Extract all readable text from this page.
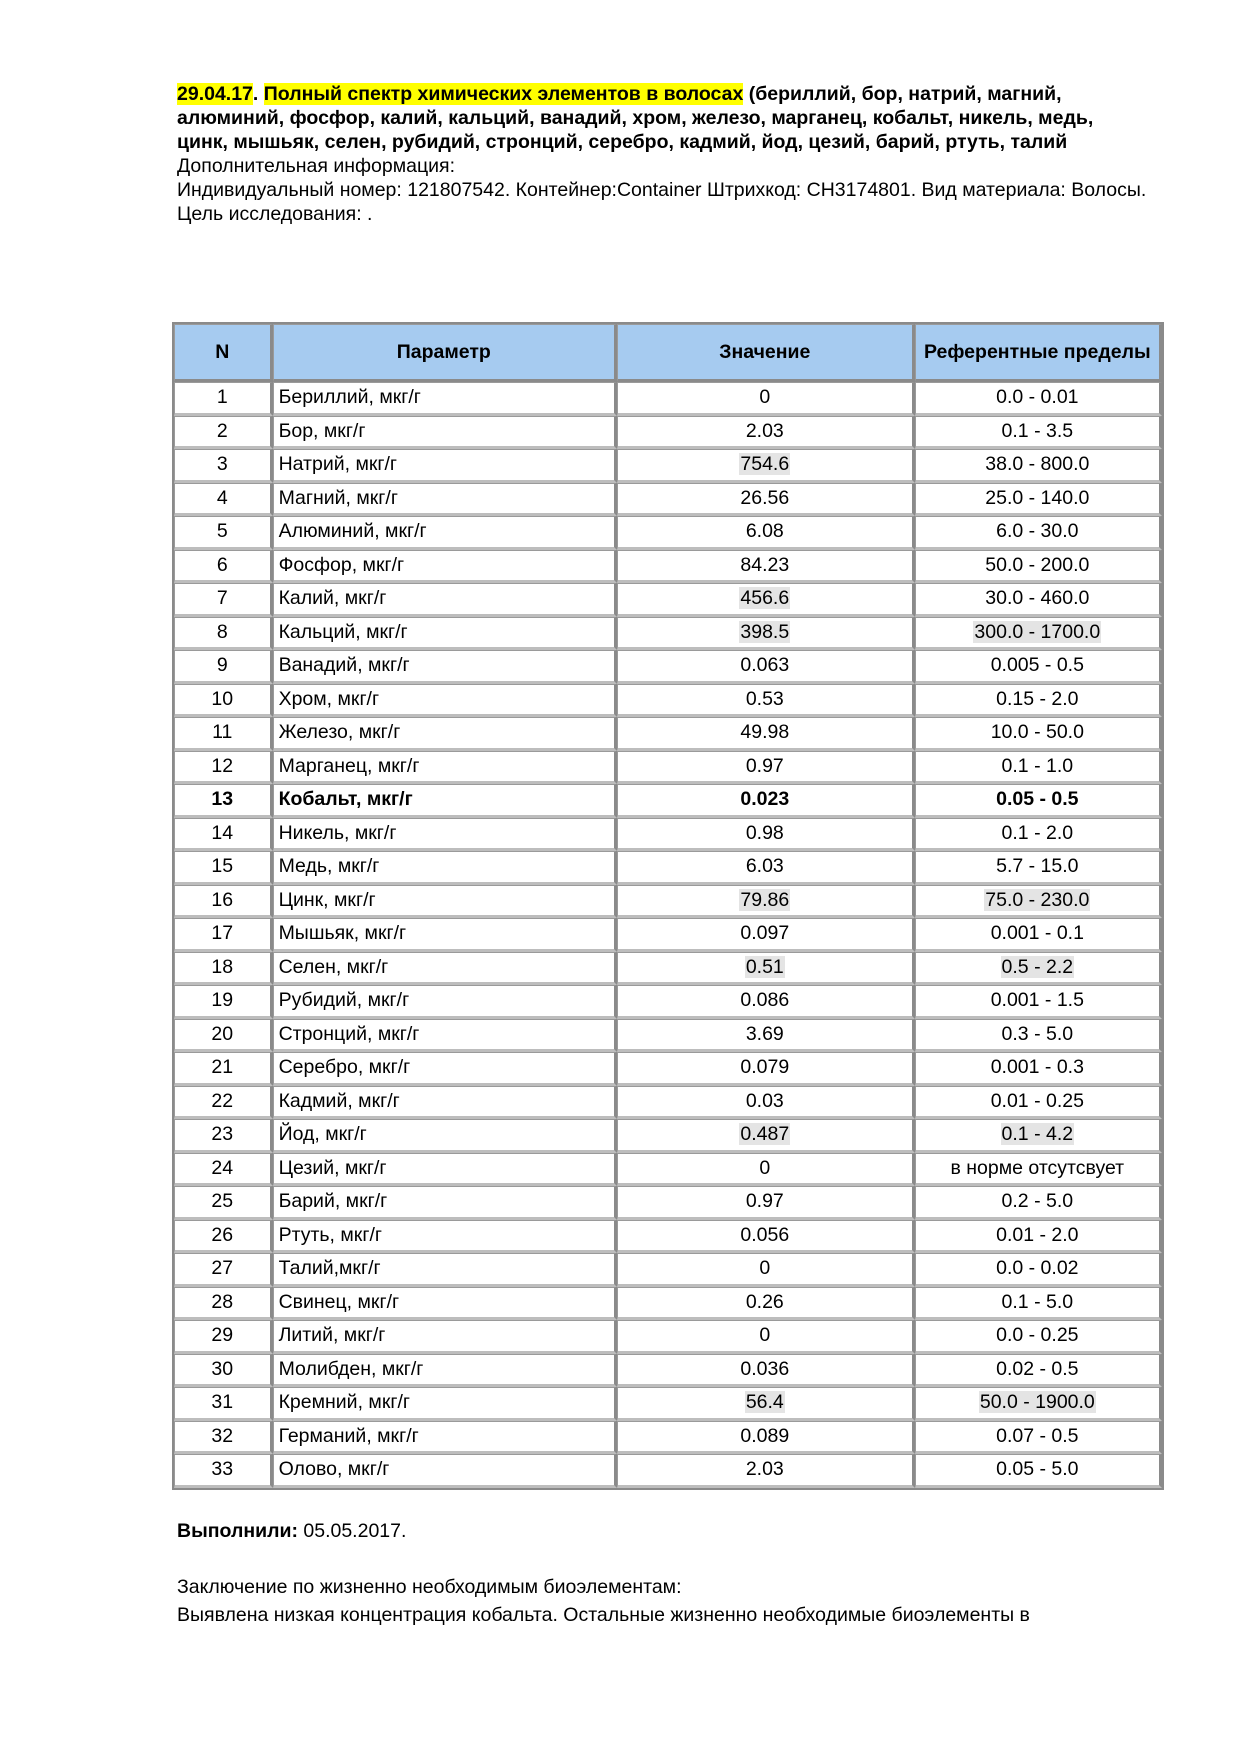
29.04.17. Полный спектр химических элементов в волосах (бериллий, бор, натрий, магний, алюминий, фосфор, калий, кальций, ванадий, хром, железо, марганец, кобальт, никель, медь, цинк, мышьяк, селен, рубидий, стронций, серебро, кадмий, йод, цезий, барий, ртуть, талий
Дополнительная информация:
Индивидуальный номер: 121807542. Контейнер:Container Штрихкод: CH3174801. Вид материала: Волосы.
Цель исследования: .
N	Параметр	Значение	Референтные пределы
1	Бериллий, мкг/г	0	0.0 - 0.01
2	Бор, мкг/г	2.03	0.1 - 3.5
3	Натрий, мкг/г	754.6	38.0 - 800.0
4	Магний, мкг/г	26.56	25.0 - 140.0
5	Алюминий, мкг/г	6.08	6.0 - 30.0
6	Фосфор, мкг/г	84.23	50.0 - 200.0
7	Калий, мкг/г	456.6	30.0 - 460.0
8	Кальций, мкг/г	398.5	300.0 - 1700.0
9	Ванадий, мкг/г	0.063	0.005 - 0.5
10	Хром, мкг/г	0.53	0.15 - 2.0
11	Железо, мкг/г	49.98	10.0 - 50.0
12	Марганец, мкг/г	0.97	0.1 - 1.0
13	Кобальт, мкг/г	0.023	0.05 - 0.5
14	Никель, мкг/г	0.98	0.1 - 2.0
15	Медь, мкг/г	6.03	5.7 - 15.0
16	Цинк, мкг/г	79.86	75.0 - 230.0
17	Мышьяк, мкг/г	0.097	0.001 - 0.1
18	Селен, мкг/г	0.51	0.5 - 2.2
19	Рубидий, мкг/г	0.086	0.001 - 1.5
20	Стронций, мкг/г	3.69	0.3 - 5.0
21	Серебро, мкг/г	0.079	0.001 - 0.3
22	Кадмий, мкг/г	0.03	0.01 - 0.25
23	Йод, мкг/г	0.487	0.1 - 4.2
24	Цезий, мкг/г	0	в норме отсутсвует
25	Барий, мкг/г	0.97	0.2 - 5.0
26	Ртуть, мкг/г	0.056	0.01 - 2.0
27	Талий,мкг/г	0	0.0 - 0.02
28	Свинец, мкг/г	0.26	0.1 - 5.0
29	Литий, мкг/г	0	0.0 - 0.25
30	Молибден, мкг/г	0.036	0.02 - 0.5
31	Кремний, мкг/г	56.4	50.0 - 1900.0
32	Германий, мкг/г	0.089	0.07 - 0.5
33	Олово, мкг/г	2.03	0.05 - 5.0
Выполнили: 05.05.2017.
Заключение по жизненно необходимым биоэлементам:
Выявлена низкая концентрация кобальта. Остальные жизненно необходимые биоэлементы в
